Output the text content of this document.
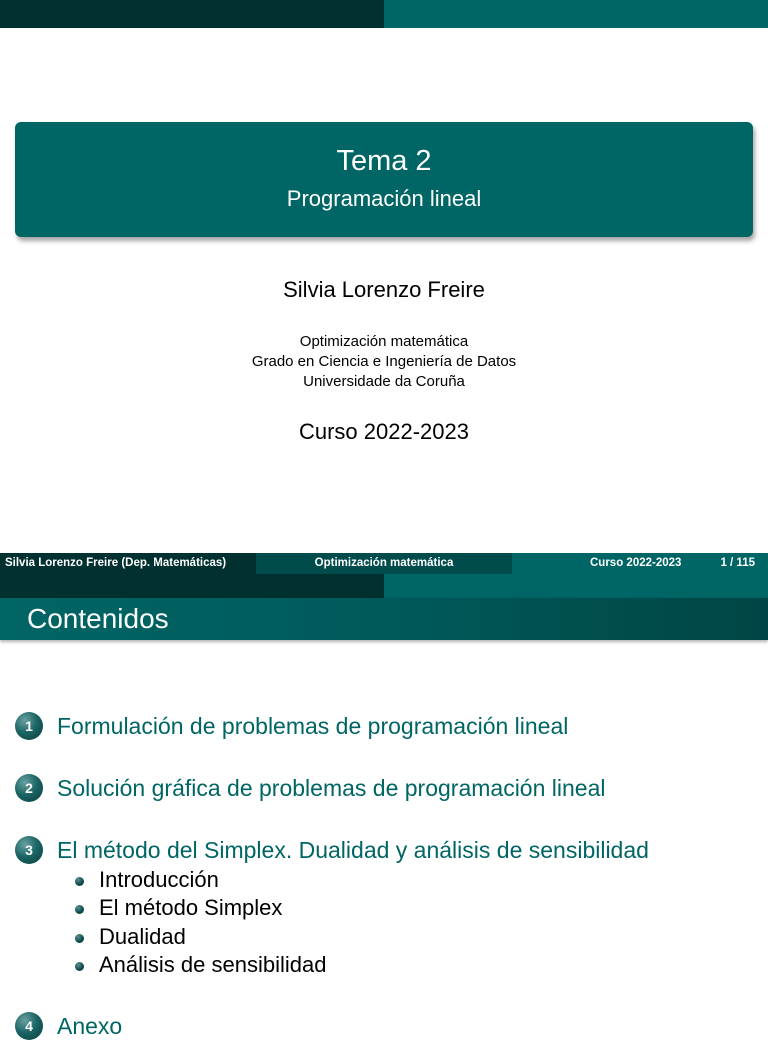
Tema 2
Programación lineal
Silvia Lorenzo Freire
Optimización matemática
Grado en Ciencia e Ingeniería de Datos
Universidade da Coruña
Curso 2022-2023
Silvia Lorenzo Freire (Dep. Matemáticas)	Optimización matemática	Curso 2022-2023	1 / 115
Contenidos
1	Formulación de problemas de programación lineal
2	Solución gráfica de problemas de programación lineal
3	El método del Simplex. Dualidad y análisis de sensibilidad
Introducción
El método Simplex
Dualidad
Análisis de sensibilidad
4	Anexo
